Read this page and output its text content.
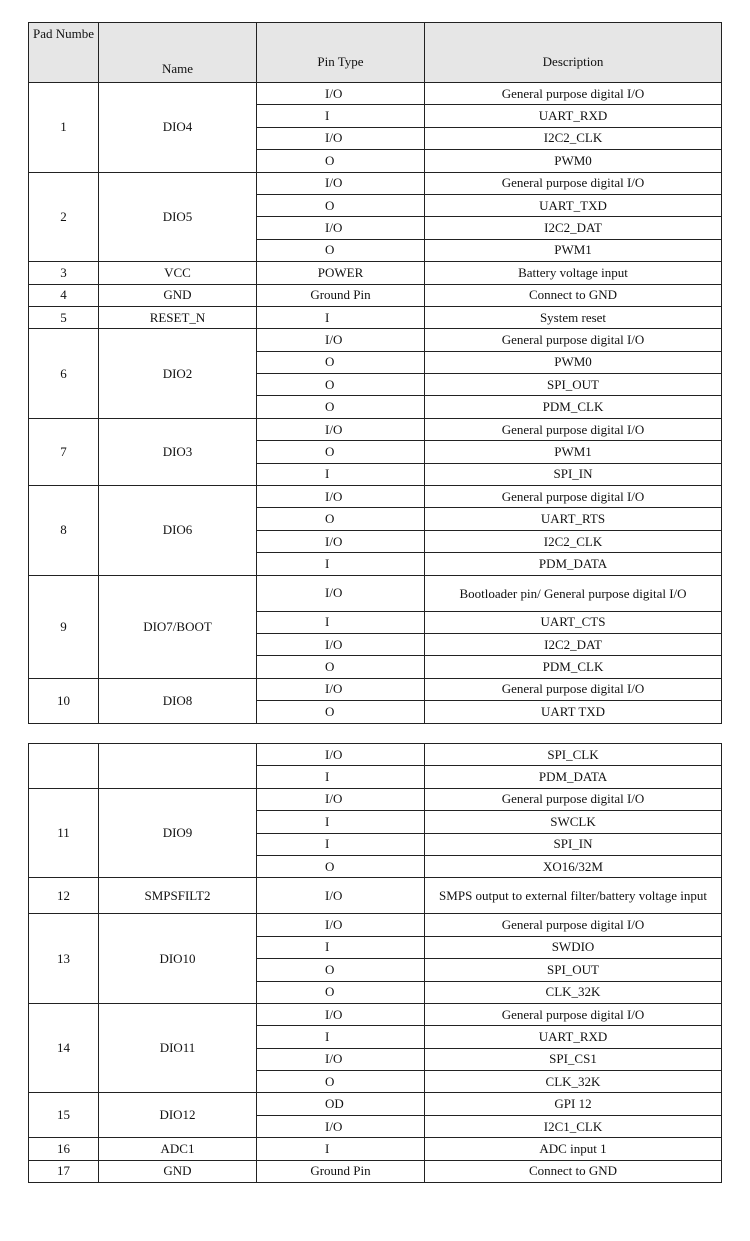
Pad Numbe	Name	Pin Type	Description
1	DIO4	I/O	General purpose digital I/O
		I	UART_RXD
		I/O	I2C2_CLK
		O	PWM0
2	DIO5	I/O	General purpose digital I/O
		O	UART_TXD
		I/O	I2C2_DAT
		O	PWM1
3	VCC	POWER	Battery voltage input
4	GND	Ground Pin	Connect to GND
5	RESET_N	I	System reset
6	DIO2	I/O	General purpose digital I/O
		O	PWM0
		O	SPI_OUT
		O	PDM_CLK
7	DIO3	I/O	General purpose digital I/O
		O	PWM1
		I	SPI_IN
8	DIO6	I/O	General purpose digital I/O
		O	UART_RTS
		I/O	I2C2_CLK
		I	PDM_DATA
9	DIO7/BOOT	I/O	Bootloader pin/ General purpose digital I/O
		I	UART_CTS
		I/O	I2C2_DAT
		O	PDM_CLK
10	DIO8	I/O	General purpose digital I/O
		O	UART TXD
		I/O	SPI_CLK
		I	PDM_DATA
11	DIO9	I/O	General purpose digital I/O
		I	SWCLK
		I	SPI_IN
		O	XO16/32M
12	SMPSFILT2	I/O	SMPS output to external filter/battery voltage input
13	DIO10	I/O	General purpose digital I/O
		I	SWDIO
		O	SPI_OUT
		O	CLK_32K
14	DIO11	I/O	General purpose digital I/O
		I	UART_RXD
		I/O	SPI_CS1
		O	CLK_32K
15	DIO12	OD	GPI 12
		I/O	I2C1_CLK
16	ADC1	I	ADC input 1
17	GND	Ground Pin	Connect to GND
